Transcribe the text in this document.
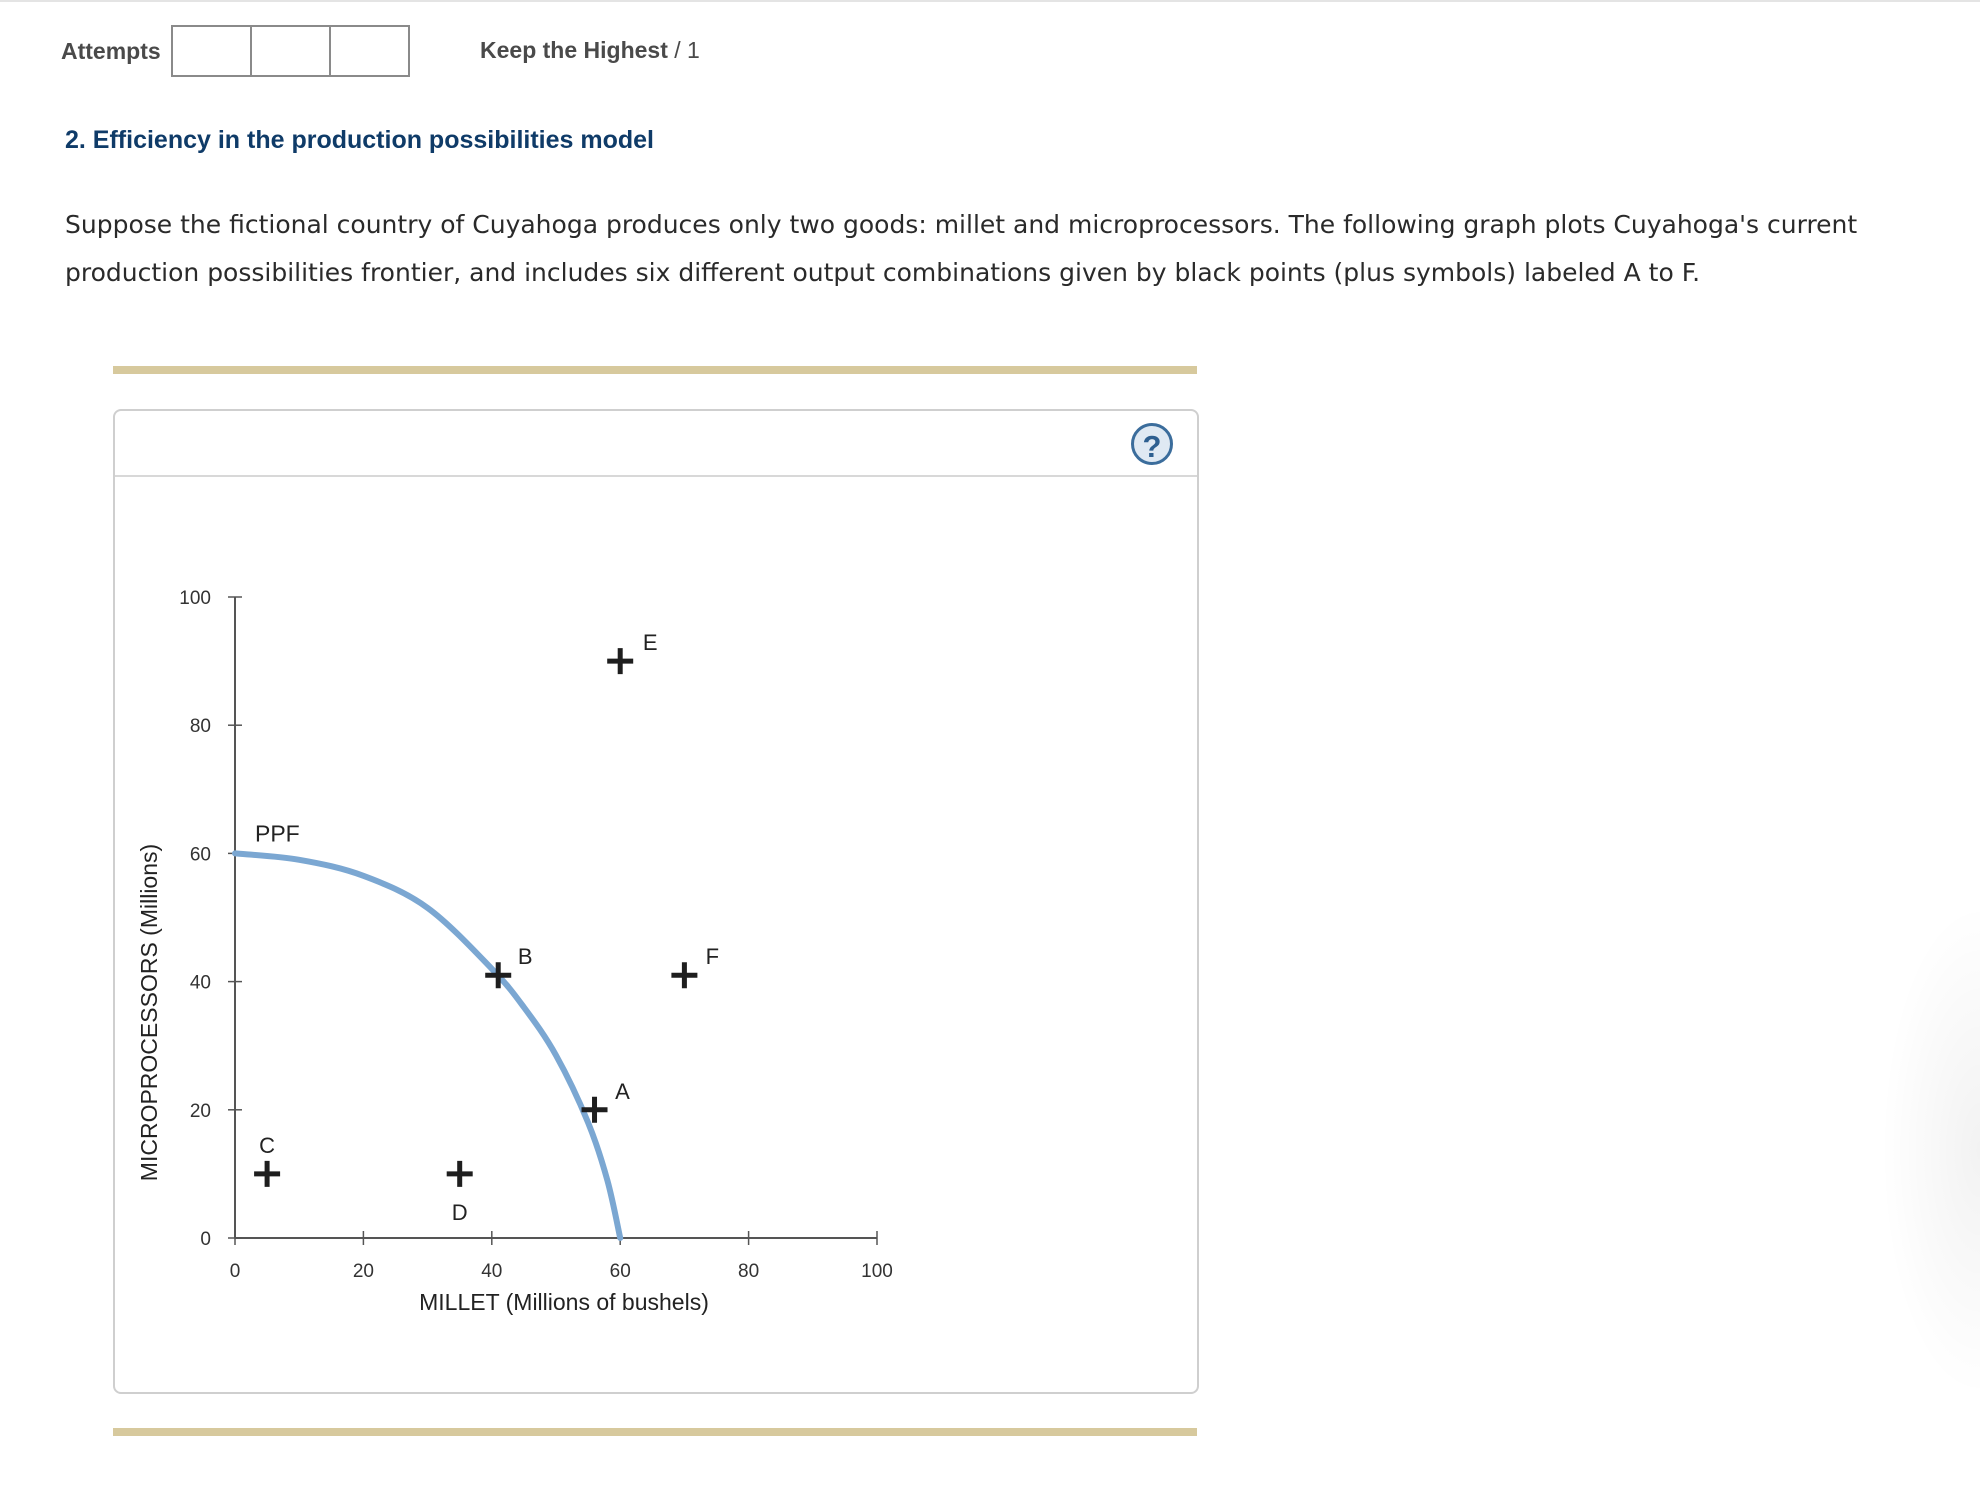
Attempts	Keep the Highest / 1
2. Efficiency in the production possibilities model

Suppose the fictional country of Cuyahoga produces only two goods: millet and microprocessors. The following graph plots Cuyahoga's current production possibilities frontier, and includes six different output combinations given by black points (plus symbols) labeled A to F.

?
0	20	40	60	80	100
0
20
40
60
80
100
MILLET (Millions of bushels)
MICROPROCESSORS (Millions)
PPF
A
B
C
D
E
F
